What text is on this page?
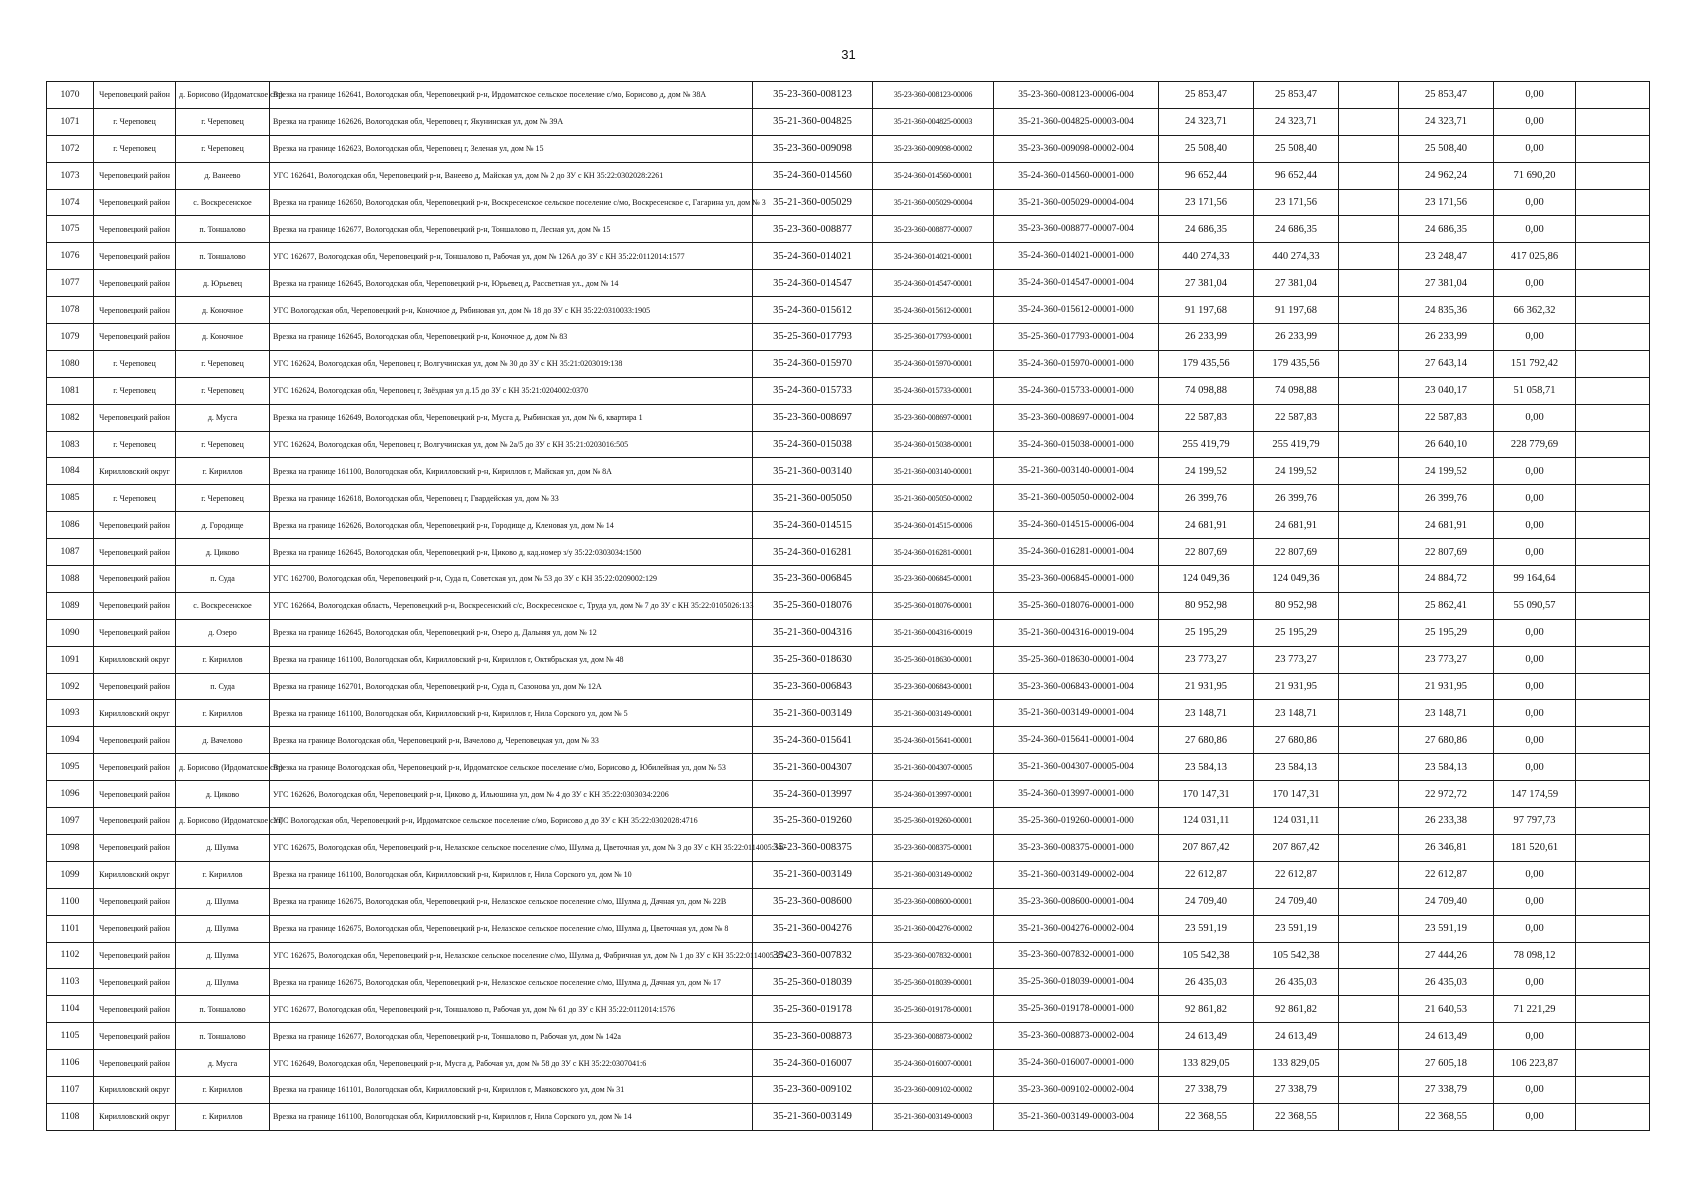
31
1070	Череповецкий район	д. Борисово (Ирдоматское с/п)	Врезка на границе 162641, Вологодская обл, Череповецкий р-н, Ирдоматское сельское поселение с/мо, Борисово д, дом № 38А	35-23-360-008123	35-23-360-008123-00006	35-23-360-008123-00006-004	25 853,47	25 853,47		25 853,47	0,00	
1071	г. Череповец	г. Череповец	Врезка на границе 162626, Вологодская обл, Череповец г, Якунинская ул, дом № 39А	35-21-360-004825	35-21-360-004825-00003	35-21-360-004825-00003-004	24 323,71	24 323,71		24 323,71	0,00	
1072	г. Череповец	г. Череповец	Врезка на границе 162623, Вологодская обл, Череповец г, Зеленая ул, дом № 15	35-23-360-009098	35-23-360-009098-00002	35-23-360-009098-00002-004	25 508,40	25 508,40		25 508,40	0,00	
1073	Череповецкий район	д. Ванеево	УГС 162641, Вологодская обл, Череповецкий р-н, Ванеево д, Майская ул, дом № 2 до ЗУ с КН 35:22:0302028:2261	35-24-360-014560	35-24-360-014560-00001	35-24-360-014560-00001-000	96 652,44	96 652,44		24 962,24	71 690,20	
1074	Череповецкий район	с. Воскресенское	Врезка на границе 162650, Вологодская обл, Череповецкий р-н, Воскресенское сельское поселение с/мо, Воскресенское с, Гагарина ул, дом № 3	35-21-360-005029	35-21-360-005029-00004	35-21-360-005029-00004-004	23 171,56	23 171,56		23 171,56	0,00	
1075	Череповецкий район	п. Тоншалово	Врезка на границе 162677, Вологодская обл, Череповецкий р-н, Тоншалово п, Лесная ул, дом № 15	35-23-360-008877	35-23-360-008877-00007	35-23-360-008877-00007-004	24 686,35	24 686,35		24 686,35	0,00	
1076	Череповецкий район	п. Тоншалово	УГС 162677, Вологодская обл, Череповецкий р-н, Тоншалово п, Рабочая ул, дом № 126А до ЗУ с КН 35:22:0112014:1577	35-24-360-014021	35-24-360-014021-00001	35-24-360-014021-00001-000	440 274,33	440 274,33		23 248,47	417 025,86	
1077	Череповецкий район	д. Юрьевец	Врезка на границе 162645, Вологодская обл, Череповецкий р-н, Юрьевец д, Рассветная ул., дом № 14	35-24-360-014547	35-24-360-014547-00001	35-24-360-014547-00001-004	27 381,04	27 381,04		27 381,04	0,00	
1078	Череповецкий район	д. Коночное	УГС Вологодская обл, Череповецкий р-н, Коночное д, Рябиновая ул, дом № 18 до ЗУ с КН 35:22:0310033:1905	35-24-360-015612	35-24-360-015612-00001	35-24-360-015612-00001-000	91 197,68	91 197,68		24 835,36	66 362,32	
1079	Череповецкий район	д. Коночное	Врезка на границе 162645, Вологодская обл, Череповецкий р-н, Коночное д, дом № 83	35-25-360-017793	35-25-360-017793-00001	35-25-360-017793-00001-004	26 233,99	26 233,99		26 233,99	0,00	
1080	г. Череповец	г. Череповец	УГС 162624, Вологодская обл, Череповец г, Волгучинская ул, дом № 30 до ЗУ с КН 35:21:0203019:138	35-24-360-015970	35-24-360-015970-00001	35-24-360-015970-00001-000	179 435,56	179 435,56		27 643,14	151 792,42	
1081	г. Череповец	г. Череповец	УГС 162624, Вологодская обл, Череповец г, Звёздная ул д.15 до ЗУ с КН 35:21:0204002:0370	35-24-360-015733	35-24-360-015733-00001	35-24-360-015733-00001-000	74 098,88	74 098,88		23 040,17	51 058,71	
1082	Череповецкий район	д. Мусга	Врезка на границе 162649, Вологодская обл, Череповецкий р-н, Мусга д, Рыбинская ул, дом № 6, квартира 1	35-23-360-008697	35-23-360-008697-00001	35-23-360-008697-00001-004	22 587,83	22 587,83		22 587,83	0,00	
1083	г. Череповец	г. Череповец	УГС 162624, Вологодская обл, Череповец г, Волгучинская ул, дом № 2а/5 до ЗУ с КН 35:21:0203016:505	35-24-360-015038	35-24-360-015038-00001	35-24-360-015038-00001-000	255 419,79	255 419,79		26 640,10	228 779,69	
1084	Кирилловский округ	г. Кириллов	Врезка на границе 161100, Вологодская обл, Кирилловский р-н, Кириллов г, Майская ул, дом № 8А	35-21-360-003140	35-21-360-003140-00001	35-21-360-003140-00001-004	24 199,52	24 199,52		24 199,52	0,00	
1085	г. Череповец	г. Череповец	Врезка на границе 162618, Вологодская обл, Череповец г, Гвардейская ул, дом № 33	35-21-360-005050	35-21-360-005050-00002	35-21-360-005050-00002-004	26 399,76	26 399,76		26 399,76	0,00	
1086	Череповецкий район	д. Городище	Врезка на границе 162626, Вологодская обл, Череповецкий р-н, Городище д, Кленовая ул, дом № 14	35-24-360-014515	35-24-360-014515-00006	35-24-360-014515-00006-004	24 681,91	24 681,91		24 681,91	0,00	
1087	Череповецкий район	д. Циково	Врезка на границе 162645, Вологодская обл, Череповецкий р-н, Циково д, кад.номер з/у 35:22:0303034:1500	35-24-360-016281	35-24-360-016281-00001	35-24-360-016281-00001-004	22 807,69	22 807,69		22 807,69	0,00	
1088	Череповецкий район	п. Суда	УГС 162700, Вологодская обл, Череповецкий р-н, Суда п, Советская ул, дом № 53 до ЗУ с КН 35:22:0209002:129	35-23-360-006845	35-23-360-006845-00001	35-23-360-006845-00001-000	124 049,36	124 049,36		24 884,72	99 164,64	
1089	Череповецкий район	с. Воскресенское	УГС 162664, Вологодская область, Череповецкий р-н, Воскресенский с/с, Воскресенское с, Труда ул, дом № 7 до ЗУ с КН 35:22:0105026:133	35-25-360-018076	35-25-360-018076-00001	35-25-360-018076-00001-000	80 952,98	80 952,98		25 862,41	55 090,57	
1090	Череповецкий район	д. Озеро	Врезка на границе 162645, Вологодская обл, Череповецкий р-н, Озеро д, Дальняя ул, дом № 12	35-21-360-004316	35-21-360-004316-00019	35-21-360-004316-00019-004	25 195,29	25 195,29		25 195,29	0,00	
1091	Кирилловский округ	г. Кириллов	Врезка на границе 161100, Вологодская обл, Кирилловский р-н, Кириллов г, Октябрьская ул, дом № 48	35-25-360-018630	35-25-360-018630-00001	35-25-360-018630-00001-004	23 773,27	23 773,27		23 773,27	0,00	
1092	Череповецкий район	п. Суда	Врезка на границе 162701, Вологодская обл, Череповецкий р-н, Суда п, Сазонова ул, дом № 12А	35-23-360-006843	35-23-360-006843-00001	35-23-360-006843-00001-004	21 931,95	21 931,95		21 931,95	0,00	
1093	Кирилловский округ	г. Кириллов	Врезка на границе 161100, Вологодская обл, Кирилловский р-н, Кириллов г, Нила Сорского ул, дом № 5	35-21-360-003149	35-21-360-003149-00001	35-21-360-003149-00001-004	23 148,71	23 148,71		23 148,71	0,00	
1094	Череповецкий район	д. Вачелово	Врезка на границе Вологодская обл, Череповецкий р-н, Вачелово д, Череповецкая ул, дом № 33	35-24-360-015641	35-24-360-015641-00001	35-24-360-015641-00001-004	27 680,86	27 680,86		27 680,86	0,00	
1095	Череповецкий район	д. Борисово (Ирдоматское с/п)	Врезка на границе Вологодская обл, Череповецкий р-н, Ирдоматское сельское поселение с/мо, Борисово д, Юбилейная ул, дом № 53	35-21-360-004307	35-21-360-004307-00005	35-21-360-004307-00005-004	23 584,13	23 584,13		23 584,13	0,00	
1096	Череповецкий район	д. Циково	УГС 162626, Вологодская обл, Череповецкий р-н, Циково д, Ильюшина ул, дом № 4 до ЗУ с КН 35:22:0303034:2206	35-24-360-013997	35-24-360-013997-00001	35-24-360-013997-00001-000	170 147,31	170 147,31		22 972,72	147 174,59	
1097	Череповецкий район	д. Борисово (Ирдоматское с/п)	УГС Вологодская обл, Череповецкий р-н, Ирдоматское сельское поселение с/мо, Борисово д до ЗУ с КН 35:22:0302028:4716	35-25-360-019260	35-25-360-019260-00001	35-25-360-019260-00001-000	124 031,11	124 031,11		26 233,38	97 797,73	
1098	Череповецкий район	д. Шулма	УГС 162675, Вологодская обл, Череповецкий р-н, Нелазское сельское поселение с/мо, Шулма д, Цветочная ул, дом № 3 до ЗУ с КН 35:22:0114005:347	35-23-360-008375	35-23-360-008375-00001	35-23-360-008375-00001-000	207 867,42	207 867,42		26 346,81	181 520,61	
1099	Кирилловский округ	г. Кириллов	Врезка на границе 161100, Вологодская обл, Кирилловский р-н, Кириллов г, Нила Сорского ул, дом № 10	35-21-360-003149	35-21-360-003149-00002	35-21-360-003149-00002-004	22 612,87	22 612,87		22 612,87	0,00	
1100	Череповецкий район	д. Шулма	Врезка на границе 162675, Вологодская обл, Череповецкий р-н, Нелазское сельское поселение с/мо, Шулма д, Дачная ул, дом № 22В	35-23-360-008600	35-23-360-008600-00001	35-23-360-008600-00001-004	24 709,40	24 709,40		24 709,40	0,00	
1101	Череповецкий район	д. Шулма	Врезка на границе 162675, Вологодская обл, Череповецкий р-н, Нелазское сельское поселение с/мо, Шулма д, Цветочная ул, дом № 8	35-21-360-004276	35-21-360-004276-00002	35-21-360-004276-00002-004	23 591,19	23 591,19		23 591,19	0,00	
1102	Череповецкий район	д. Шулма	УГС 162675, Вологодская обл, Череповецкий р-н, Нелазское сельское поселение с/мо, Шулма д, Фабричная ул, дом № 1 до ЗУ с КН 35:22:0114005:274	35-23-360-007832	35-23-360-007832-00001	35-23-360-007832-00001-000	105 542,38	105 542,38		27 444,26	78 098,12	
1103	Череповецкий район	д. Шулма	Врезка на границе 162675, Вологодская обл, Череповецкий р-н, Нелазское сельское поселение с/мо, Шулма д, Дачная ул, дом № 17	35-25-360-018039	35-25-360-018039-00001	35-25-360-018039-00001-004	26 435,03	26 435,03		26 435,03	0,00	
1104	Череповецкий район	п. Тоншалово	УГС 162677, Вологодская обл, Череповецкий р-н, Тоншалово п, Рабочая ул, дом № 61 до ЗУ с КН 35:22:0112014:1576	35-25-360-019178	35-25-360-019178-00001	35-25-360-019178-00001-000	92 861,82	92 861,82		21 640,53	71 221,29	
1105	Череповецкий район	п. Тоншалово	Врезка на границе 162677, Вологодская обл, Череповецкий р-н, Тоншалово п, Рабочая ул, дом № 142а	35-23-360-008873	35-23-360-008873-00002	35-23-360-008873-00002-004	24 613,49	24 613,49		24 613,49	0,00	
1106	Череповецкий район	д. Мусга	УГС 162649, Вологодская обл, Череповецкий р-н, Мусга д, Рабочая ул, дом № 58 до ЗУ с КН 35:22:0307041:6	35-24-360-016007	35-24-360-016007-00001	35-24-360-016007-00001-000	133 829,05	133 829,05		27 605,18	106 223,87	
1107	Кирилловский округ	г. Кириллов	Врезка на границе 161101, Вологодская обл, Кирилловский р-н, Кириллов г, Маяковского ул, дом № 31	35-23-360-009102	35-23-360-009102-00002	35-23-360-009102-00002-004	27 338,79	27 338,79		27 338,79	0,00	
1108	Кирилловский округ	г. Кириллов	Врезка на границе 161100, Вологодская обл, Кирилловский р-н, Кириллов г, Нила Сорского ул, дом № 14	35-21-360-003149	35-21-360-003149-00003	35-21-360-003149-00003-004	22 368,55	22 368,55		22 368,55	0,00	
